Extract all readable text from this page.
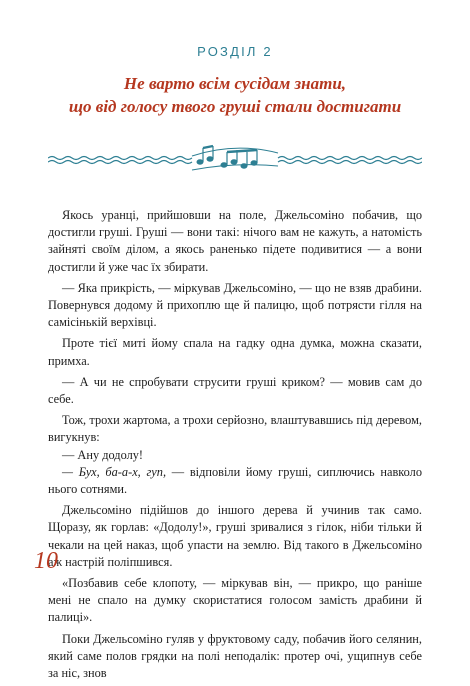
РОЗДІЛ 2
Не варто всім сусідам знати,
що від голосу твого груші стали достигати

Якось уранці, прийшовши на поле, Джельсоміно побачив, що достигли груші. Груші — вони такі: нічого вам не кажуть, а натомість зайняті своїм ділом, а якось раненько підете подивитися — а вони достигли й уже час їх збирати.

— Яка прикрість, — міркував Джельсоміно, — що не взяв драбини. Повернувся додому й прихоплю ще й палицю, щоб потрясти гілля на самісінькій верхівці.

Проте тієї миті йому спала на гадку одна думка, можна сказати, примха.

— А чи не спробувати струсити груші криком? — мовив сам до себе.

Тож, трохи жартома, а трохи серйозно, влаштувавшись під деревом, вигукнув:

— Ану додолу!

— Бух, ба-а-х, гуп, — відповіли йому груші, сиплючись навколо нього сотнями.

Джельсоміно підійшов до іншого дерева й учинив так само. Щоразу, як горлав: «Додолу!», груші зривалися з гілок, ніби тільки й чекали на цей наказ, щоб упасти на землю. Від такого в Джельсоміно аж настрій поліпшився.

«Позбавив себе клопоту, — міркував він, — прикро, що раніше мені не спало на думку скористатися голосом замість драбини й палиці».

Поки Джельсоміно гуляв у фруктовому саду, побачив його селянин, який саме полов грядки на полі неподалік: протер очі, ущипнув себе за ніс, знов

10
